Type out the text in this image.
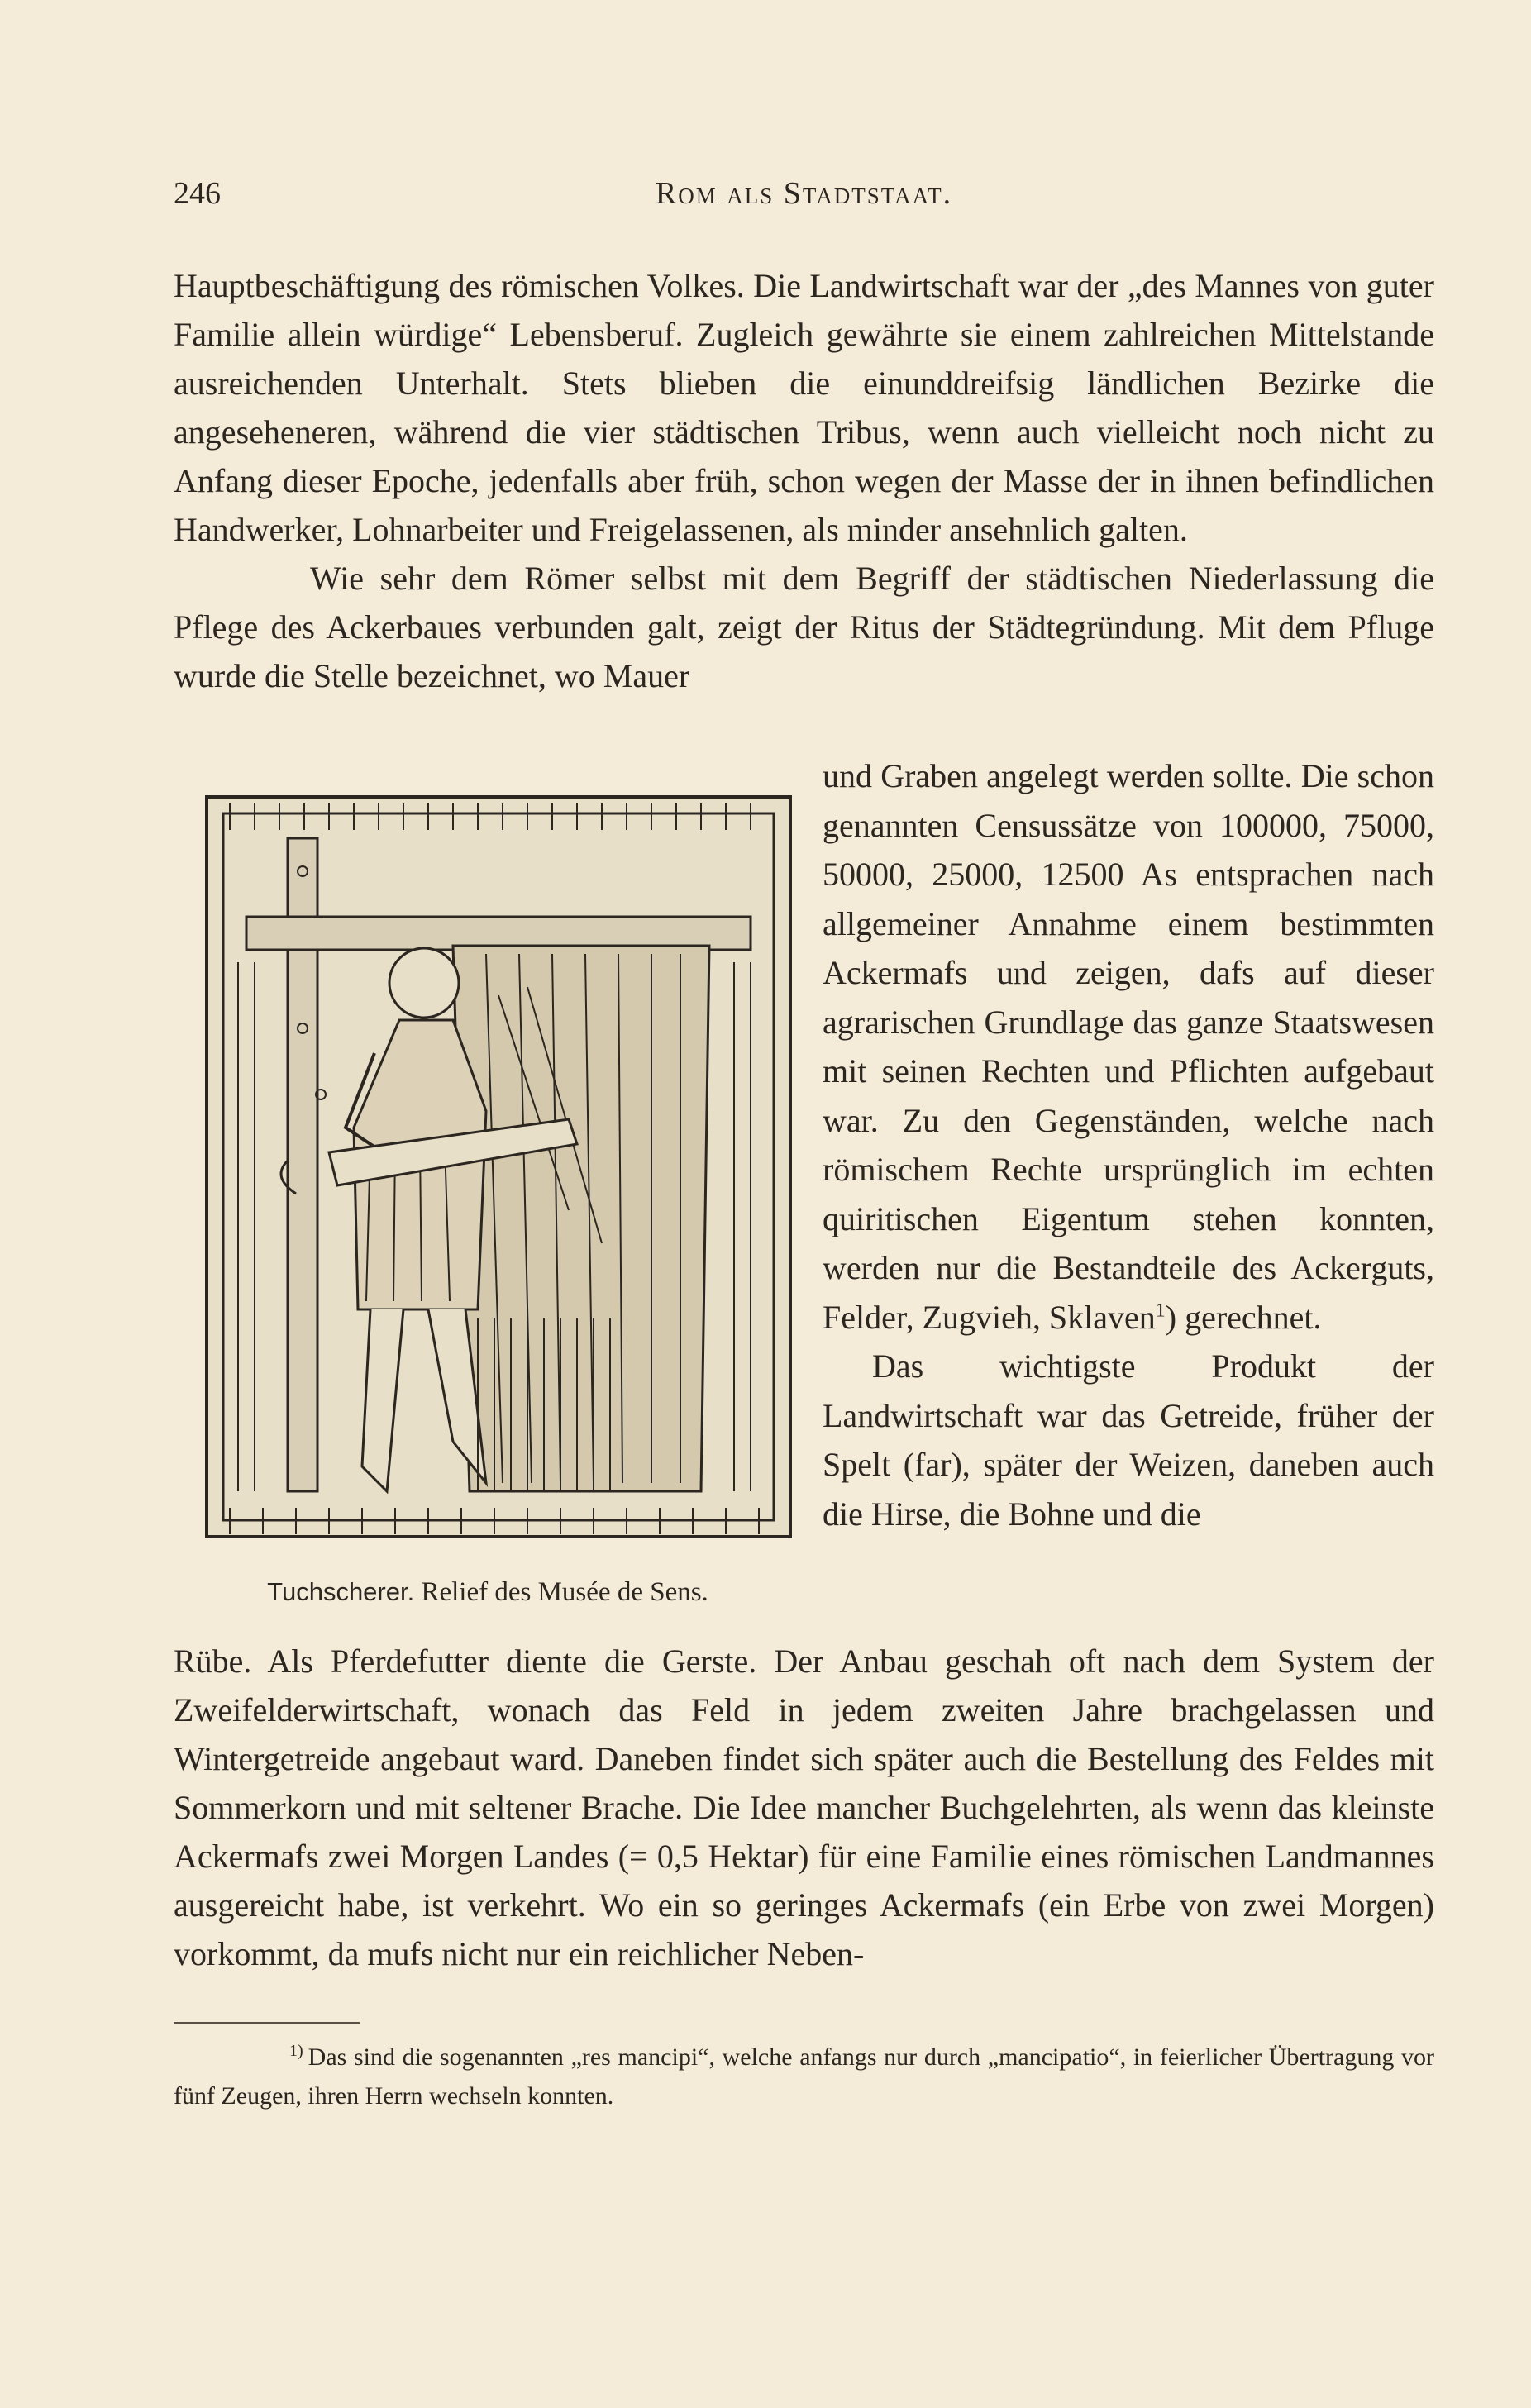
246	Rom als Stadtstaat.

Hauptbeschäftigung des römischen Volkes. Die Landwirtschaft war der „des Mannes von guter Familie allein würdige“ Lebensberuf. Zugleich gewährte sie einem zahlreichen Mittelstande ausreichenden Unterhalt. Stets blieben die einunddreifsig ländlichen Bezirke die angeseheneren, während die vier städtischen Tribus, wenn auch vielleicht noch nicht zu Anfang dieser Epoche, jedenfalls aber früh, schon wegen der Masse der in ihnen befindlichen Handwerker, Lohnarbeiter und Freigelassenen, als minder ansehnlich galten.

Wie sehr dem Römer selbst mit dem Begriff der städtischen Niederlassung die Pflege des Ackerbaues verbunden galt, zeigt der Ritus der Städtegründung. Mit dem Pfluge wurde die Stelle bezeichnet, wo Mauer

und Graben angelegt werden sollte. Die schon genannten Censussätze von 100000, 75000, 50000, 25000, 12500 As entsprachen nach allgemeiner Annahme einem bestimmten Ackermafs und zeigen, dafs auf dieser agrarischen Grundlage das ganze Staatswesen mit seinen Rechten und Pflichten aufgebaut war. Zu den Gegenständen, welche nach römischem Rechte ursprünglich im echten quiritischen Eigentum stehen konnten, werden nur die Bestandteile des Ackerguts, Felder, Zugvieh, Sklaven$^1$) gerechnet.

Das wichtigste Produkt der Landwirtschaft war das Getreide, früher der Spelt (far), später der Weizen, daneben auch die Hirse, die Bohne und die

Tuchscherer. Relief des Musée de Sens.

Rübe. Als Pferdefutter diente die Gerste. Der Anbau geschah oft nach dem System der Zweifelderwirtschaft, wonach das Feld in jedem zweiten Jahre brachgelassen und Wintergetreide angebaut ward. Daneben findet sich später auch die Bestellung des Feldes mit Sommerkorn und mit seltener Brache. Die Idee mancher Buchgelehrten, als wenn das kleinste Ackermafs zwei Morgen Landes (= 0,5 Hektar) für eine Familie eines römischen Landmannes ausgereicht habe, ist verkehrt. Wo ein so geringes Ackermafs (ein Erbe von zwei Morgen) vorkommt, da mufs nicht nur ein reichlicher Neben-

$^{1)}$ Das sind die sogenannten „res mancipi“, welche anfangs nur durch „mancipatio“, in feierlicher Übertragung vor fünf Zeugen, ihren Herrn wechseln konnten.
